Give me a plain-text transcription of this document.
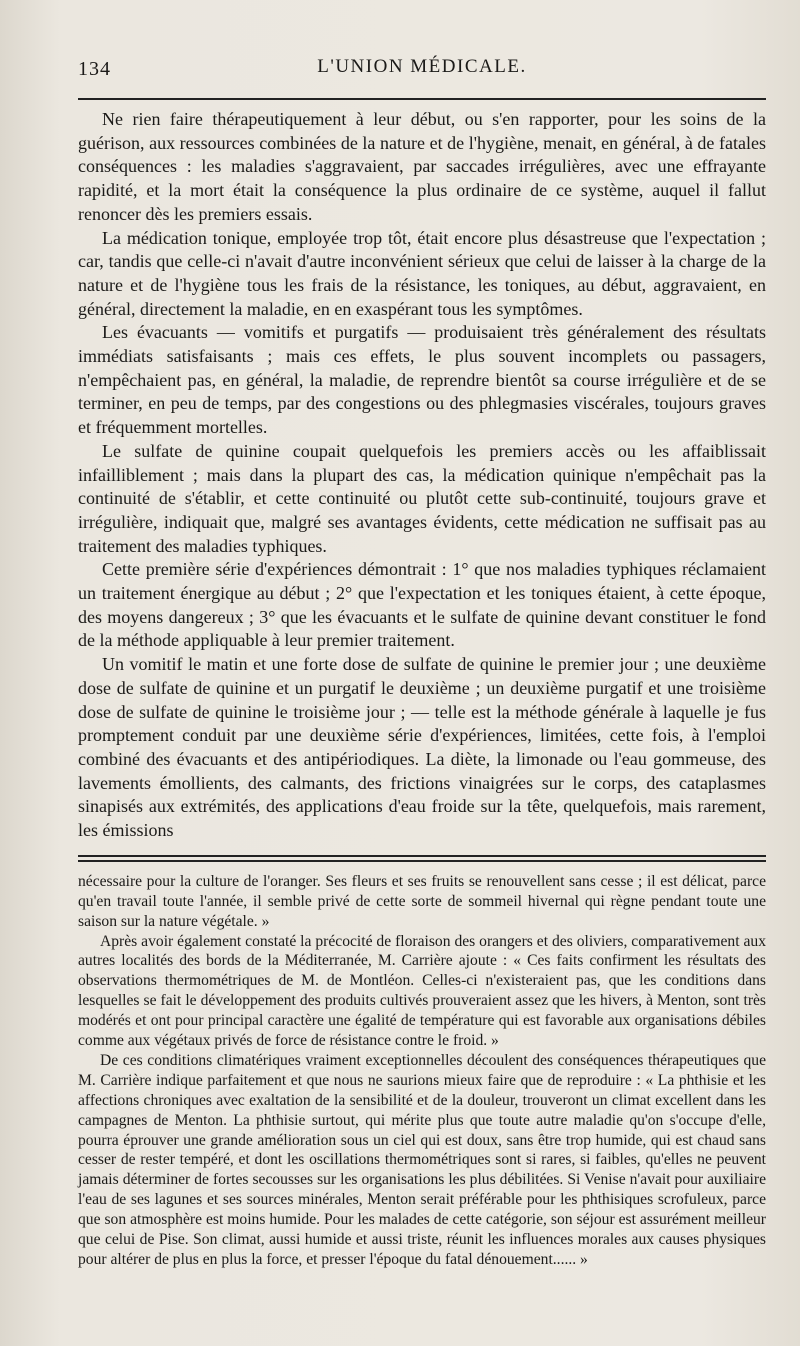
134	L'UNION MÉDICALE.

Ne rien faire thérapeutiquement à leur début, ou s'en rapporter, pour les soins de la guérison, aux ressources combinées de la nature et de l'hygiène, menait, en général, à de fatales conséquences : les maladies s'aggravaient, par saccades irrégulières, avec une effrayante rapidité, et la mort était la conséquence la plus ordinaire de ce système, auquel il fallut renoncer dès les premiers essais.

La médication tonique, employée trop tôt, était encore plus désastreuse que l'expectation ; car, tandis que celle-ci n'avait d'autre inconvénient sérieux que celui de laisser à la charge de la nature et de l'hygiène tous les frais de la résistance, les toniques, au début, aggravaient, en général, directement la maladie, en en exaspérant tous les symptômes.

Les évacuants — vomitifs et purgatifs — produisaient très généralement des résultats immédiats satisfaisants ; mais ces effets, le plus souvent incomplets ou passagers, n'empêchaient pas, en général, la maladie, de reprendre bientôt sa course irrégulière et de se terminer, en peu de temps, par des congestions ou des phlegmasies viscérales, toujours graves et fréquemment mortelles.

Le sulfate de quinine coupait quelquefois les premiers accès ou les affaiblissait infailliblement ; mais dans la plupart des cas, la médication quinique n'empêchait pas la continuité de s'établir, et cette continuité ou plutôt cette sub-continuité, toujours grave et irrégulière, indiquait que, malgré ses avantages évidents, cette médication ne suffisait pas au traitement des maladies typhiques.

Cette première série d'expériences démontrait : 1° que nos maladies typhiques réclamaient un traitement énergique au début ; 2° que l'expectation et les toniques étaient, à cette époque, des moyens dangereux ; 3° que les évacuants et le sulfate de quinine devant constituer le fond de la méthode appliquable à leur premier traitement.

Un vomitif le matin et une forte dose de sulfate de quinine le premier jour ; une deuxième dose de sulfate de quinine et un purgatif le deuxième ; un deuxième purgatif et une troisième dose de sulfate de quinine le troisième jour ; — telle est la méthode générale à laquelle je fus promptement conduit par une deuxième série d'expériences, limitées, cette fois, à l'emploi combiné des évacuants et des antipériodiques. La diète, la limonade ou l'eau gommeuse, des lavements émollients, des calmants, des frictions vinaigrées sur le corps, des cataplasmes sinapisés aux extrémités, des applications d'eau froide sur la tête, quelquefois, mais rarement, les émissions

nécessaire pour la culture de l'oranger. Ses fleurs et ses fruits se renouvellent sans cesse ; il est délicat, parce qu'en travail toute l'année, il semble privé de cette sorte de sommeil hivernal qui règne pendant toute une saison sur la nature végétale. »

Après avoir également constaté la précocité de floraison des orangers et des oliviers, comparativement aux autres localités des bords de la Méditerranée, M. Carrière ajoute : « Ces faits confirment les résultats des observations thermométriques de M. de Montléon. Celles-ci n'existeraient pas, que les conditions dans lesquelles se fait le développement des produits cultivés prouveraient assez que les hivers, à Menton, sont très modérés et ont pour principal caractère une égalité de température qui est favorable aux organisations débiles comme aux végétaux privés de force de résistance contre le froid. »

De ces conditions climatériques vraiment exceptionnelles découlent des conséquences thérapeutiques que M. Carrière indique parfaitement et que nous ne saurions mieux faire que de reproduire : « La phthisie et les affections chroniques avec exaltation de la sensibilité et de la douleur, trouveront un climat excellent dans les campagnes de Menton. La phthisie surtout, qui mérite plus que toute autre maladie qu'on s'occupe d'elle, pourra éprouver une grande amélioration sous un ciel qui est doux, sans être trop humide, qui est chaud sans cesser de rester tempéré, et dont les oscillations thermométriques sont si rares, si faibles, qu'elles ne peuvent jamais déterminer de fortes secousses sur les organisations les plus débilitées. Si Venise n'avait pour auxiliaire l'eau de ses lagunes et ses sources minérales, Menton serait préférable pour les phthisiques scrofuleux, parce que son atmosphère est moins humide. Pour les malades de cette catégorie, son séjour est assurément meilleur que celui de Pise. Son climat, aussi humide et aussi triste, réunit les influences morales aux causes physiques pour altérer de plus en plus la force, et presser l'époque du fatal dénouement...... »
